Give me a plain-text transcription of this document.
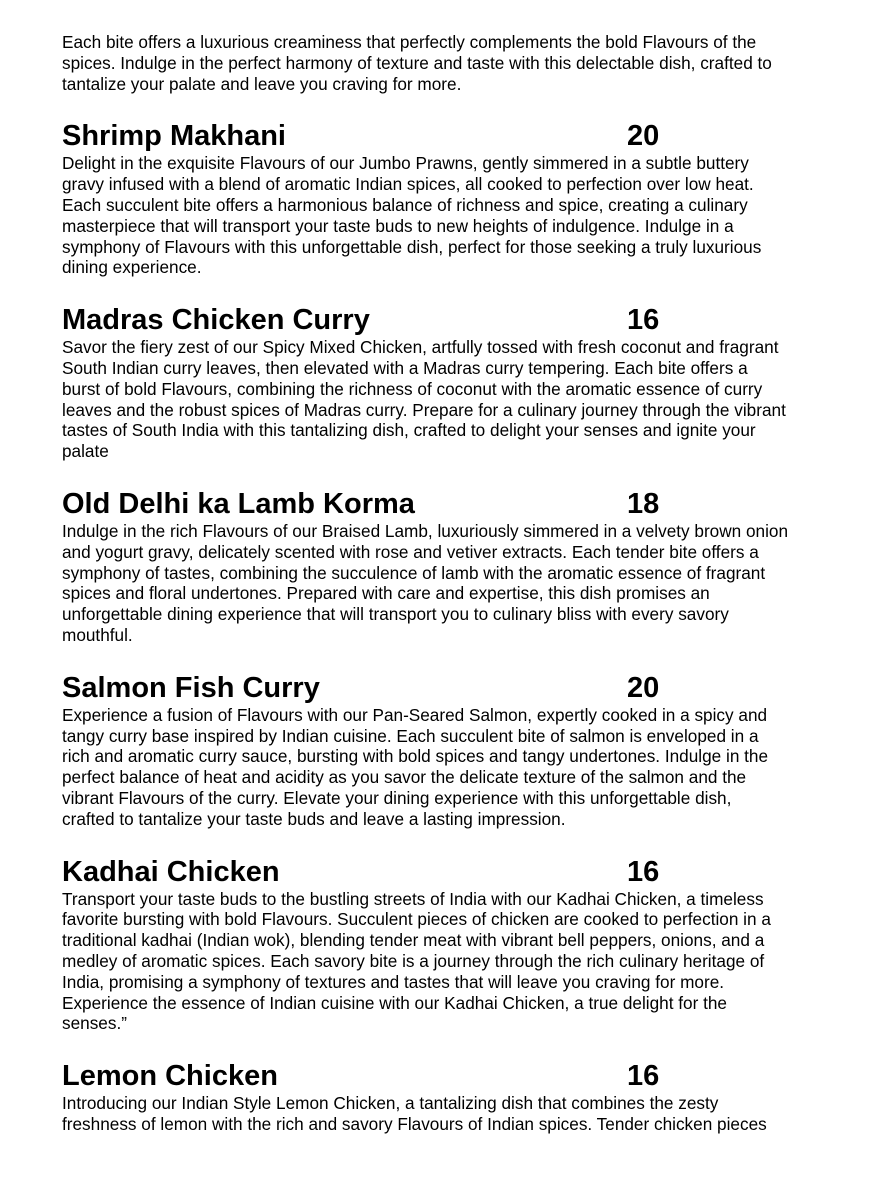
Each bite offers a luxurious creaminess that perfectly complements the bold Flavours of the
spices. Indulge in the perfect harmony of texture and taste with this delectable dish, crafted to
tantalize your palate and leave you craving for more.

Shrimp Makhani	20

Delight in the exquisite Flavours of our Jumbo Prawns, gently simmered in a subtle buttery
gravy infused with a blend of aromatic Indian spices, all cooked to perfection over low heat.
Each succulent bite offers a harmonious balance of richness and spice, creating a culinary
masterpiece that will transport your taste buds to new heights of indulgence. Indulge in a
symphony of Flavours with this unforgettable dish, perfect for those seeking a truly luxurious
dining experience.

Madras Chicken Curry	16

Savor the fiery zest of our Spicy Mixed Chicken, artfully tossed with fresh coconut and fragrant
South Indian curry leaves, then elevated with a Madras curry tempering. Each bite offers a
burst of bold Flavours, combining the richness of coconut with the aromatic essence of curry
leaves and the robust spices of Madras curry. Prepare for a culinary journey through the vibrant
tastes of South India with this tantalizing dish, crafted to delight your senses and ignite your
palate

Old Delhi ka Lamb Korma	18

Indulge in the rich Flavours of our Braised Lamb, luxuriously simmered in a velvety brown onion
and yogurt gravy, delicately scented with rose and vetiver extracts. Each tender bite offers a
symphony of tastes, combining the succulence of lamb with the aromatic essence of fragrant
spices and floral undertones. Prepared with care and expertise, this dish promises an
unforgettable dining experience that will transport you to culinary bliss with every savory
mouthful.

Salmon Fish Curry	20

Experience a fusion of Flavours with our Pan-Seared Salmon, expertly cooked in a spicy and
tangy curry base inspired by Indian cuisine. Each succulent bite of salmon is enveloped in a
rich and aromatic curry sauce, bursting with bold spices and tangy undertones. Indulge in the
perfect balance of heat and acidity as you savor the delicate texture of the salmon and the
vibrant Flavours of the curry. Elevate your dining experience with this unforgettable dish,
crafted to tantalize your taste buds and leave a lasting impression.

Kadhai Chicken	16

Transport your taste buds to the bustling streets of India with our Kadhai Chicken, a timeless
favorite bursting with bold Flavours. Succulent pieces of chicken are cooked to perfection in a
traditional kadhai (Indian wok), blending tender meat with vibrant bell peppers, onions, and a
medley of aromatic spices. Each savory bite is a journey through the rich culinary heritage of
India, promising a symphony of textures and tastes that will leave you craving for more.
Experience the essence of Indian cuisine with our Kadhai Chicken, a true delight for the
senses.”

Lemon Chicken	16

Introducing our Indian Style Lemon Chicken, a tantalizing dish that combines the zesty
freshness of lemon with the rich and savory Flavours of Indian spices. Tender chicken pieces
